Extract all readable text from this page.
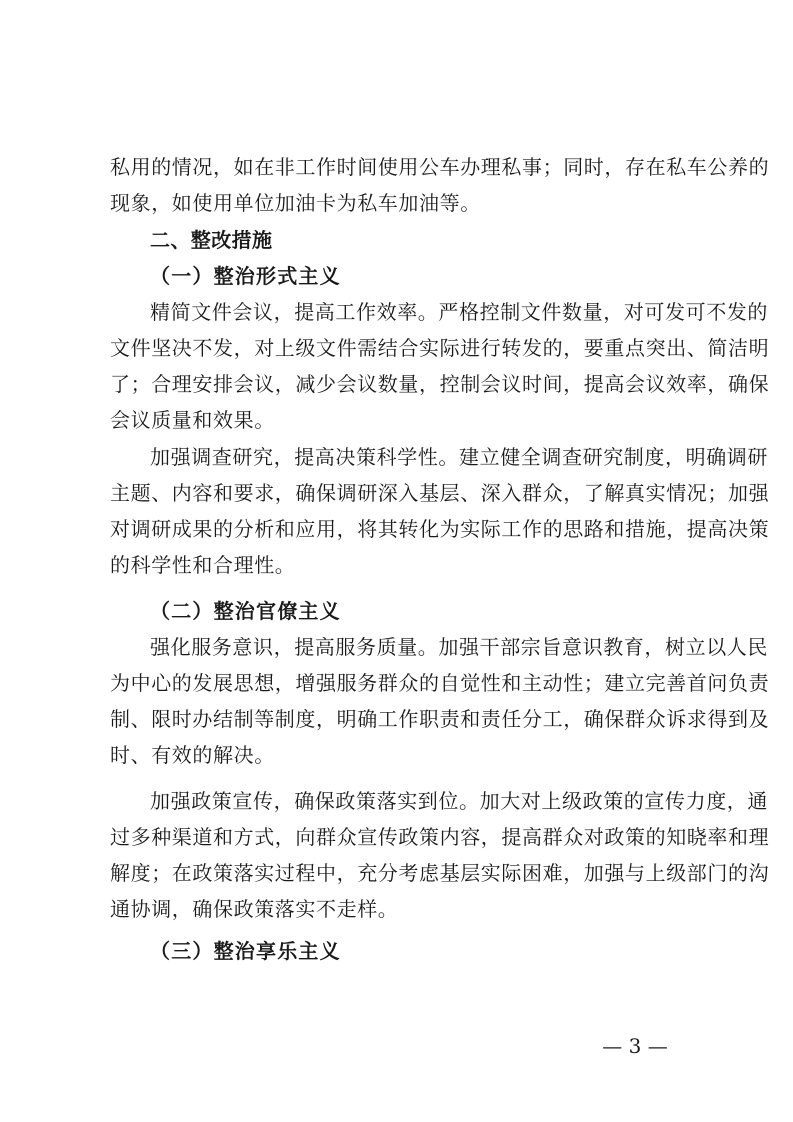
私用的情况，如在非工作时间使用公车办理私事；同时，存在私车公养的
现象，如使用单位加油卡为私车加油等。
二、整改措施
（一）整治形式主义
精简文件会议，提高工作效率。严格控制文件数量，对可发可不发的
文件坚决不发，对上级文件需结合实际进行转发的，要重点突出、简洁明
了；合理安排会议，减少会议数量，控制会议时间，提高会议效率，确保
会议质量和效果。
加强调查研究，提高决策科学性。建立健全调查研究制度，明确调研
主题、内容和要求，确保调研深入基层、深入群众，了解真实情况；加强
对调研成果的分析和应用，将其转化为实际工作的思路和措施，提高决策
的科学性和合理性。
（二）整治官僚主义
强化服务意识，提高服务质量。加强干部宗旨意识教育，树立以人民
为中心的发展思想，增强服务群众的自觉性和主动性；建立完善首问负责
制、限时办结制等制度，明确工作职责和责任分工，确保群众诉求得到及
时、有效的解决。
加强政策宣传，确保政策落实到位。加大对上级政策的宣传力度，通
过多种渠道和方式，向群众宣传政策内容，提高群众对政策的知晓率和理
解度；在政策落实过程中，充分考虑基层实际困难，加强与上级部门的沟
通协调，确保政策落实不走样。
（三）整治享乐主义
— 3 —
